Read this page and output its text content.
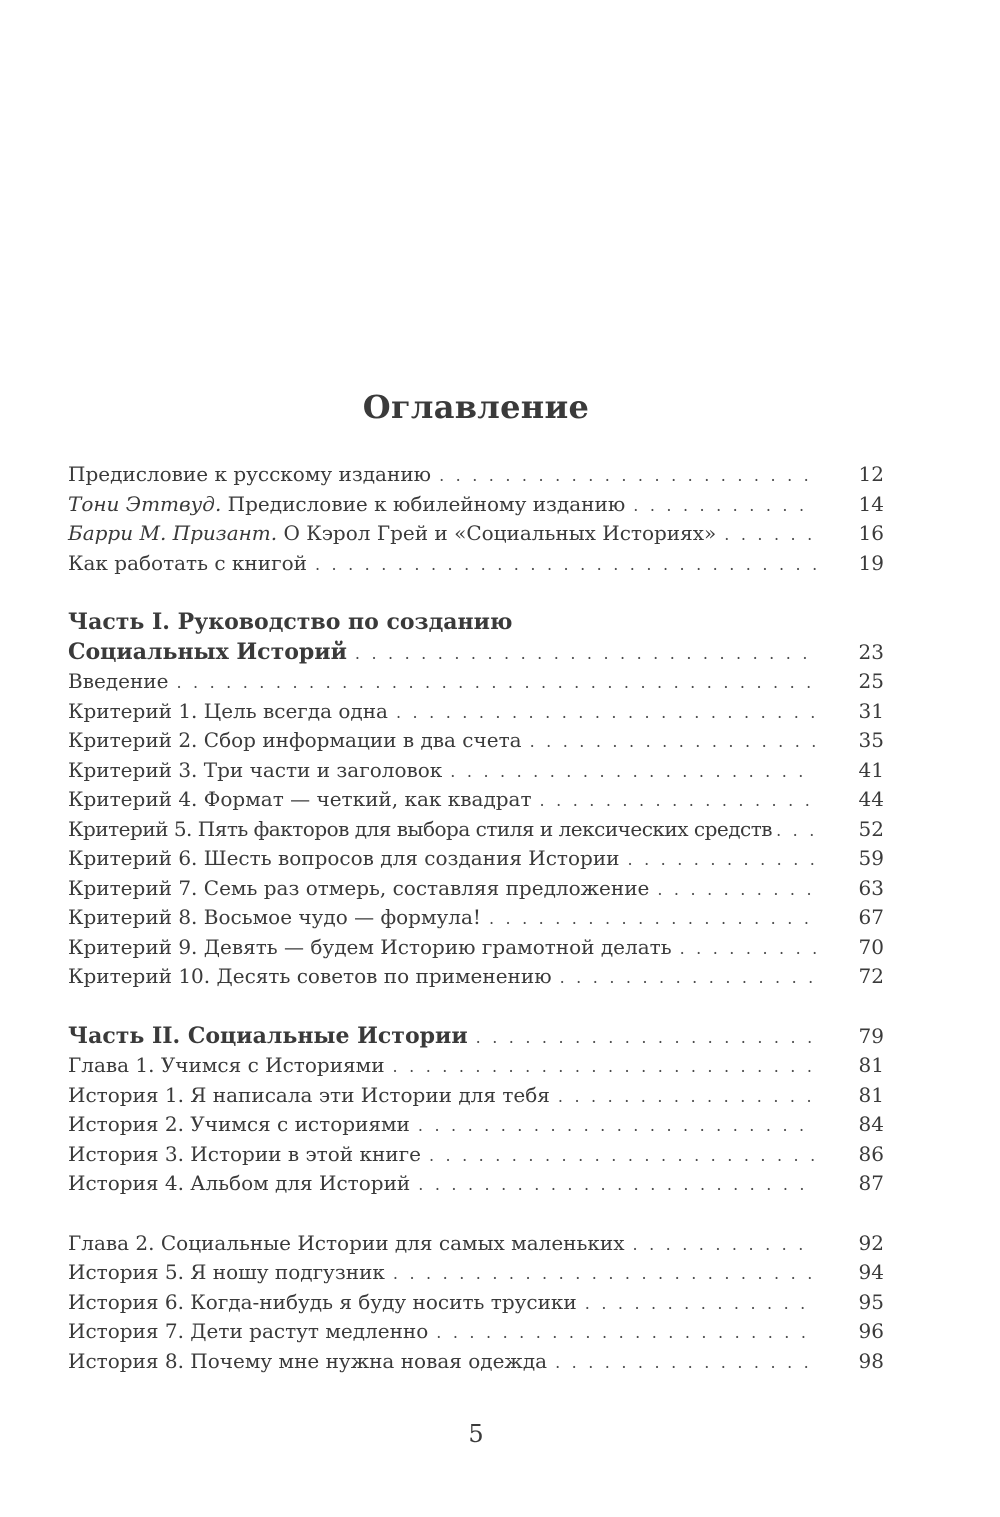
Оглавление
Предисловие к русскому изданию . . .	12
Тони Эттвуд. Предисловие к юбилейному изданию . . .	14
Барри М. Призант. О Кэрол Грей и «Социальных Историях» . . .	16
Как работать с книгой . . .	19
Часть I. Руководство по созданию
Социальных Историй . . .	23
Введение . . .	25
Критерий 1. Цель всегда одна . . .	31
Критерий 2. Сбор информации в два счета . . .	35
Критерий 3. Три части и заголовок . . .	41
Критерий 4. Формат — четкий, как квадрат . . .	44
Критерий 5. Пять факторов для выбора стиля и лексических средств . . .	52
Критерий 6. Шесть вопросов для создания Истории . . .	59
Критерий 7. Семь раз отмерь, составляя предложение . . .	63
Критерий 8. Восьмое чудо — формула! . . .	67
Критерий 9. Девять — будем Историю грамотной делать . . .	70
Критерий 10. Десять советов по применению . . .	72
Часть II. Социальные Истории . . .	79
Глава 1. Учимся с Историями . . .	81
История 1. Я написала эти Истории для тебя . . .	81
История 2. Учимся с историями . . .	84
История 3. Истории в этой книге . . .	86
История 4. Альбом для Историй . . .	87
Глава 2. Социальные Истории для самых маленьких . . .	92
История 5. Я ношу подгузник . . .	94
История 6. Когда-нибудь я буду носить трусики . . .	95
История 7. Дети растут медленно . . .	96
История 8. Почему мне нужна новая одежда . . .	98
5
